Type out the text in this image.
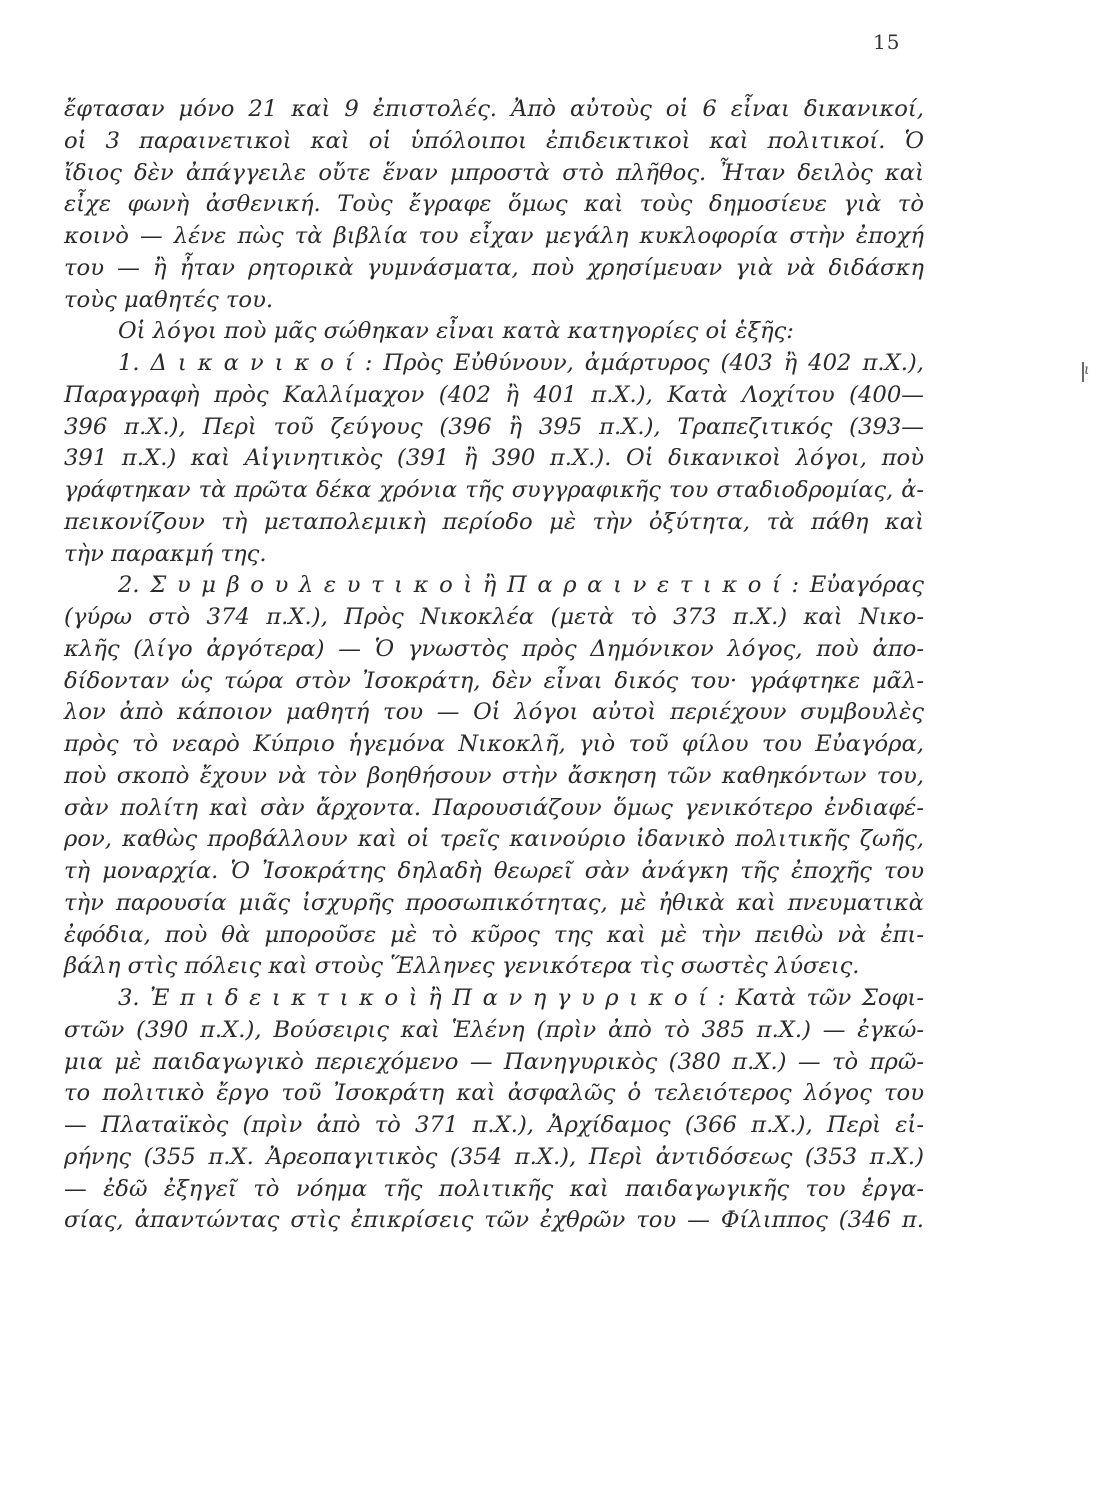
15
ι
ἔφτασαν μόνο 21 καὶ 9 ἐπιστολές. Ἀπὸ αὐτοὺς οἱ 6 εἶναι δικανικοί,
οἱ 3 παραινετικοὶ καὶ οἱ ὑπόλοιποι ἐπιδεικτικοὶ καὶ πολιτικοί. Ὁ
ἴδιος δὲν ἀπάγγειλε οὔτε ἕναν μπροστὰ στὸ πλῆθος. Ἦταν δειλὸς καὶ
εἶχε φωνὴ ἀσθενική. Τοὺς ἔγραφε ὅμως καὶ τοὺς δημοσίευε γιὰ τὸ
κοινὸ — λένε πὼς τὰ βιβλία του εἶχαν μεγάλη κυκλοφορία στὴν ἐποχή
του — ἢ ἦταν ρητορικὰ γυμνάσματα, ποὺ χρησίμευαν γιὰ νὰ διδάσκη
τοὺς μαθητές του.
Οἱ λόγοι ποὺ μᾶς σώθηκαν εἶναι κατὰ κατηγορίες οἱ ἑξῆς:
1. Δ ι κ α ν ι κ ο ί : Πρὸς Εὐθύνουν, ἀμάρτυρος (403 ἢ 402 π.Χ.),
Παραγραφὴ πρὸς Καλλίμαχον (402 ἢ 401 π.Χ.), Κατὰ Λοχίτου (400—
396 π.Χ.), Περὶ τοῦ ζεύγους (396 ἢ 395 π.Χ.), Τραπεζιτικός (393—
391 π.Χ.) καὶ Αἰγινητικὸς (391 ἢ 390 π.Χ.). Οἱ δικανικοὶ λόγοι, ποὺ
γράφτηκαν τὰ πρῶτα δέκα χρόνια τῆς συγγραφικῆς του σταδιοδρομίας, ἀ-
πεικονίζουν τὴ μεταπολεμικὴ περίοδο μὲ τὴν ὀξύτητα, τὰ πάθη καὶ
τὴν παρακμή της.
2. Σ υ μ β ο υ λ ε υ τ ι κ ο ὶ ἢ Π α ρ α ι ν ε τ ι κ ο ί : Εὐαγόρας
(γύρω στὸ 374 π.Χ.), Πρὸς Νικοκλέα (μετὰ τὸ 373 π.Χ.) καὶ Νικο-
κλῆς (λίγο ἀργότερα) — Ὁ γνωστὸς πρὸς Δημόνικον λόγος, ποὺ ἀπο-
δίδονταν ὡς τώρα στὸν Ἰσοκράτη, δὲν εἶναι δικός του· γράφτηκε μᾶλ-
λον ἀπὸ κάποιον μαθητή του — Οἱ λόγοι αὐτοὶ περιέχουν συμβουλὲς
πρὸς τὸ νεαρὸ Κύπριο ἡγεμόνα Νικοκλῆ, γιὸ τοῦ φίλου του Εὐαγόρα,
ποὺ σκοπὸ ἔχουν νὰ τὸν βοηθήσουν στὴν ἄσκηση τῶν καθηκόντων του,
σὰν πολίτη καὶ σὰν ἄρχοντα. Παρουσιάζουν ὅμως γενικότερο ἐνδιαφέ-
ρον, καθὼς προβάλλουν καὶ οἱ τρεῖς καινούριο ἰδανικὸ πολιτικῆς ζωῆς,
τὴ μοναρχία. Ὁ Ἰσοκράτης δηλαδὴ θεωρεῖ σὰν ἀνάγκη τῆς ἐποχῆς του
τὴν παρουσία μιᾶς ἰσχυρῆς προσωπικότητας, μὲ ἠθικὰ καὶ πνευματικὰ
ἐφόδια, ποὺ θὰ μποροῦσε μὲ τὸ κῦρος της καὶ μὲ τὴν πειθὼ νὰ ἐπι-
βάλη στὶς πόλεις καὶ στοὺς Ἕλληνες γενικότερα τὶς σωστὲς λύσεις.
3. Ἐ π ι δ ε ι κ τ ι κ ο ὶ ἢ Π α ν η γ υ ρ ι κ ο ί : Κατὰ τῶν Σοφι-
στῶν (390 π.Χ.), Βούσειρις καὶ Ἑλένη (πρὶν ἀπὸ τὸ 385 π.Χ.) — ἐγκώ-
μια μὲ παιδαγωγικὸ περιεχόμενο — Πανηγυρικὸς (380 π.Χ.) — τὸ πρῶ-
το πολιτικὸ ἔργο τοῦ Ἰσοκράτη καὶ ἀσφαλῶς ὁ τελειότερος λόγος του
— Πλαταϊκὸς (πρὶν ἀπὸ τὸ 371 π.Χ.), Ἀρχίδαμος (366 π.Χ.), Περὶ εἰ-
ρήνης (355 π.Χ. Ἀρεοπαγιτικὸς (354 π.Χ.), Περὶ ἀντιδόσεως (353 π.Χ.)
— ἐδῶ ἐξηγεῖ τὸ νόημα τῆς πολιτικῆς καὶ παιδαγωγικῆς του ἐργα-
σίας, ἀπαντώντας στὶς ἐπικρίσεις τῶν ἐχθρῶν του — Φίλιππος (346 π.
